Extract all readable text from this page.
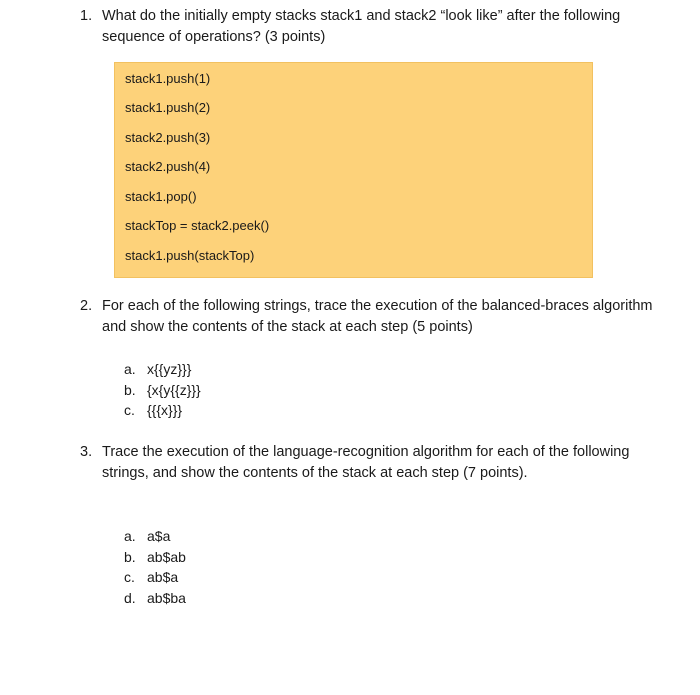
1. What do the initially empty stacks stack1 and stack2 “look like” after the following sequence of operations? (3 points)
stack1.push(1)
stack1.push(2)
stack2.push(3)
stack2.push(4)
stack1.pop()
stackTop = stack2.peek()
stack1.push(stackTop)
2. For each of the following strings, trace the execution of the balanced-braces algorithm and show the contents of the stack at each step (5 points)
a. x{{yz}}}
b. {x{y{{z}}}
c. {{{x}}}
3. Trace the execution of the language-recognition algorithm for each of the following strings, and show the contents of the stack at each step (7 points).
a. a$a
b. ab$ab
c. ab$a
d. ab$ba
